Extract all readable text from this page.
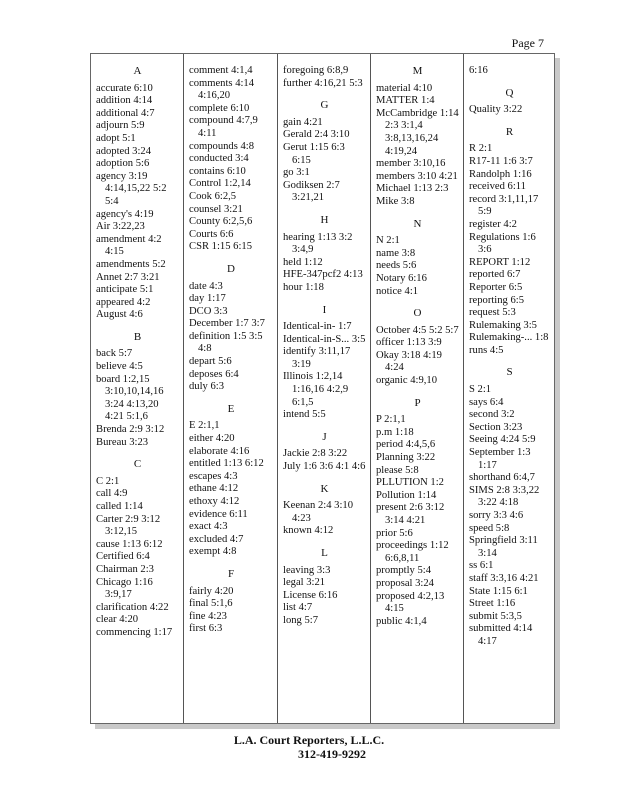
Page 7
A
accurate 6:10
addition 4:14
additional 4:7
adjourn 5:9
adopt 5:1
adopted 3:24
adoption 5:6
agency 3:19 4:14,15,22 5:2 5:4
agency's 4:19
Air 3:22,23
amendment 4:2 4:15
amendments 5:2
Annet 2:7 3:21
anticipate 5:1
appeared 4:2
August 4:6
B
back 5:7
believe 4:5
board 1:2,15 3:10,10,14,16 3:24 4:13,20 4:21 5:1,6
Brenda 2:9 3:12
Bureau 3:23
C
C 2:1
call 4:9
called 1:14
Carter 2:9 3:12 3:12,15
cause 1:13 6:12
Certified 6:4
Chairman 2:3
Chicago 1:16 3:9,17
clarification 4:22
clear 4:20
commencing 1:17
comment 4:1,4
comments 4:14 4:16,20
complete 6:10
compound 4:7,9 4:11
compounds 4:8
conducted 3:4
contains 6:10
Control 1:2,14
Cook 6:2,5
counsel 3:21
County 6:2,5,6
Courts 6:6
CSR 1:15 6:15
D
date 4:3
day 1:17
DCO 3:3
December 1:7 3:7
definition 1:5 3:5 4:8
depart 5:6
deposes 6:4
duly 6:3
E
E 2:1,1
either 4:20
elaborate 4:16
entitled 1:13 6:12
escapes 4:3
ethane 4:12
ethoxy 4:12
evidence 6:11
exact 4:3
excluded 4:7
exempt 4:8
F
fairly 4:20
final 5:1,6
fine 4:23
first 6:3
foregoing 6:8,9
further 4:16,21 5:3
G
gain 4:21
Gerald 2:4 3:10
Gerut 1:15 6:3 6:15
go 3:1
Godiksen 2:7 3:21,21
H
hearing 1:13 3:2 3:4,9
held 1:12
HFE-347pcf2 4:13
hour 1:18
I
Identical-in- 1:7
Identical-in-S... 3:5
identify 3:11,17 3:19
Illinois 1:2,14 1:16,16 4:2,9 6:1,5
intend 5:5
J
Jackie 2:8 3:22
July 1:6 3:6 4:1 4:6
K
Keenan 2:4 3:10 4:23
known 4:12
L
leaving 3:3
legal 3:21
License 6:16
list 4:7
long 5:7
M
material 4:10
MATTER 1:4
McCambridge 1:14 2:3 3:1,4 3:8,13,16,24 4:19,24
member 3:10,16
members 3:10 4:21
Michael 1:13 2:3
Mike 3:8
N
N 2:1
name 3:8
needs 5:6
Notary 6:16
notice 4:1
O
October 4:5 5:2 5:7
officer 1:13 3:9
Okay 3:18 4:19 4:24
organic 4:9,10
P
P 2:1,1
p.m 1:18
period 4:4,5,6
Planning 3:22
please 5:8
PLLUTION 1:2
Pollution 1:14
present 2:6 3:12 3:14 4:21
prior 5:6
proceedings 1:12 6:6,8,11
promptly 5:4
proposal 3:24
proposed 4:2,13 4:15
public 4:1,4
6:16
Q
Quality 3:22
R
R 2:1
R17-11 1:6 3:7
Randolph 1:16
received 6:11
record 3:1,11,17 5:9
register 4:2
Regulations 1:6 3:6
REPORT 1:12
reported 6:7
Reporter 6:5
reporting 6:5
request 5:3
Rulemaking 3:5
Rulemaking-... 1:8
runs 4:5
S
S 2:1
says 6:4
second 3:2
Section 3:23
Seeing 4:24 5:9
September 1:3 1:17
shorthand 6:4,7
SIMS 2:8 3:3,22 3:22 4:18
sorry 3:3 4:6
speed 5:8
Springfield 3:11 3:14
ss 6:1
staff 3:3,16 4:21
State 1:15 6:1
Street 1:16
submit 5:3,5
submitted 4:14 4:17
L.A. Court Reporters, L.L.C.
312-419-9292
